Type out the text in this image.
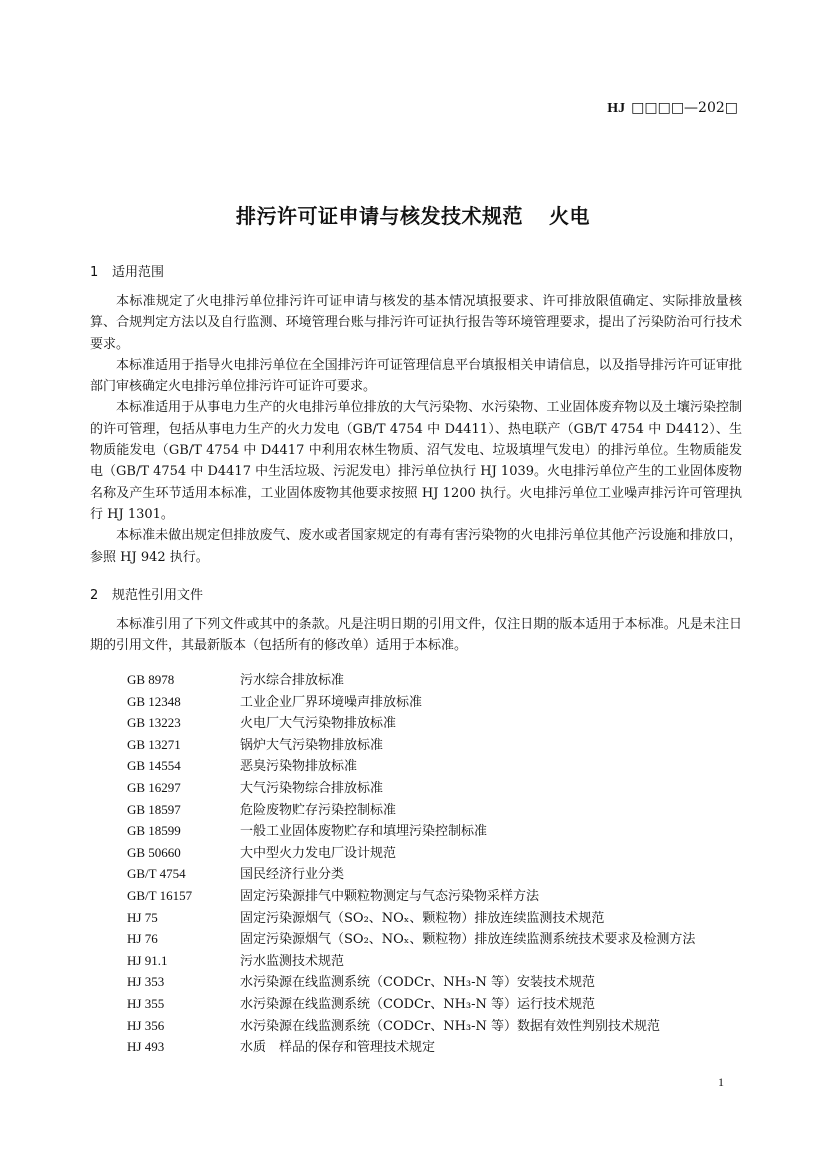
HJ □□□□—202□
排污许可证申请与核发技术规范 火电
1 适用范围

本标准规定了火电排污单位排污许可证申请与核发的基本情况填报要求、许可排放限值确定、实际排放量核算、合规判定方法以及自行监测、环境管理台账与排污许可证执行报告等环境管理要求，提出了污染防治可行技术要求。

本标准适用于指导火电排污单位在全国排污许可证管理信息平台填报相关申请信息，以及指导排污许可证审批部门审核确定火电排污单位排污许可证许可要求。

本标准适用于从事电力生产的火电排污单位排放的大气污染物、水污染物、工业固体废弃物以及土壤污染控制的许可管理，包括从事电力生产的火力发电（GB/T 4754 中 D4411）、热电联产（GB/T 4754 中 D4412）、生物质能发电（GB/T 4754 中 D4417 中利用农林生物质、沼气发电、垃圾填埋气发电）的排污单位。生物质能发电（GB/T 4754 中 D4417 中生活垃圾、污泥发电）排污单位执行 HJ 1039。火电排污单位产生的工业固体废物名称及产生环节适用本标准，工业固体废物其他要求按照 HJ 1200 执行。火电排污单位工业噪声排污许可管理执行 HJ 1301。

本标准未做出规定但排放废气、废水或者国家规定的有毒有害污染物的火电排污单位其他产污设施和排放口，参照 HJ 942 执行。

2 规范性引用文件

本标准引用了下列文件或其中的条款。凡是注明日期的引用文件，仅注日期的版本适用于本标准。凡是未注日期的引用文件，其最新版本（包括所有的修改单）适用于本标准。

GB 8978	污水综合排放标准
GB 12348	工业企业厂界环境噪声排放标准
GB 13223	火电厂大气污染物排放标准
GB 13271	锅炉大气污染物排放标准
GB 14554	恶臭污染物排放标准
GB 16297	大气污染物综合排放标准
GB 18597	危险废物贮存污染控制标准
GB 18599	一般工业固体废物贮存和填埋污染控制标准
GB 50660	大中型火力发电厂设计规范
GB/T 4754	国民经济行业分类
GB/T 16157	固定污染源排气中颗粒物测定与气态污染物采样方法
HJ 75	固定污染源烟气（SO₂、NOₓ、颗粒物）排放连续监测技术规范
HJ 76	固定污染源烟气（SO₂、NOₓ、颗粒物）排放连续监测系统技术要求及检测方法
HJ 91.1	污水监测技术规范
HJ 353	水污染源在线监测系统（CODCr、NH₃-N 等）安装技术规范
HJ 355	水污染源在线监测系统（CODCr、NH₃-N 等）运行技术规范
HJ 356	水污染源在线监测系统（CODCr、NH₃-N 等）数据有效性判别技术规范
HJ 493	水质　样品的保存和管理技术规定
1
